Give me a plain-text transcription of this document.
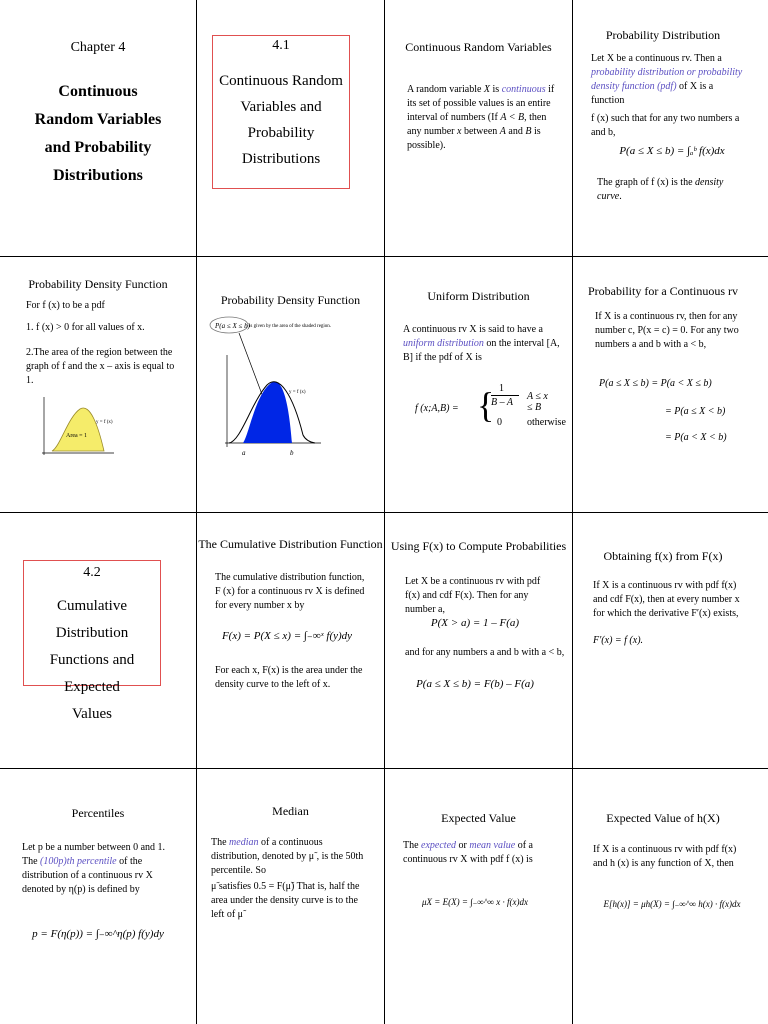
Chapter 4
Continuous
Random Variables
and Probability
Distributions
4.1
Continuous Random
Variables and
Probability Distributions
Continuous Random Variables
A random variable X is continuous if its set of possible values is an entire interval of numbers (If A < B, then any number x between A and B is possible).
Probability Distribution
Let X be a continuous rv. Then a probability distribution or probability density function (pdf) of X is a function
f (x) such that for any two numbers a and b,
P(a ≤ X ≤ b) = ∫ₐᵇ f(x)dx
The graph of f (x) is the density curve.
Probability Density Function
For f (x) to be a pdf
1. f (x) > 0 for all values of x.
2.The area of the region between the graph of f and the x – axis is equal to 1.
y = f (x)
Area = 1
Probability Density Function
P(a ≤ X ≤ b) is given by the area of the shaded region.
y = f (x)
a	b
Uniform Distribution
A continuous rv X is said to have a uniform distribution on the interval [A, B] if the pdf of X is
f (x;A,B) = { 1
B – A
A ≤ x ≤ B
0	otherwise
Probability for a Continuous rv
If X is a continuous rv, then for any number c, P(x = c) = 0. For any two numbers a and b with a < b,
P(a ≤ X ≤ b) = P(a < X ≤ b)
= P(a ≤ X < b)
= P(a < X < b)
4.2
Cumulative Distribution
Functions and Expected
Values
The Cumulative Distribution Function
The cumulative distribution function, F (x) for a continuous rv X is defined for every number x by
F(x) = P(X ≤ x) = ∫₋∞ˣ f(y)dy
For each x, F(x) is the area under the density curve to the left of x.
Using F(x) to Compute Probabilities
Let X be a continuous rv with pdf f(x) and cdf F(x). Then for any number a,
P(X > a) = 1 – F(a)
and for any numbers a and b with a < b,
P(a ≤ X ≤ b) = F(b) – F(a)
Obtaining f(x) from F(x)
If X is a continuous rv with pdf f(x) and cdf F(x), then at every number x for which the derivative F′(x) exists,
F′(x) = f (x).
Percentiles
Let p be a number between 0 and 1. The (100p)th percentile of the distribution of a continuous rv X denoted by η(p) is defined by
p = F(η(p)) = ∫₋∞^η(p) f(y)dy
Median
The median of a continuous distribution, denoted by μ̃ , is the 50th percentile. So
μ̃ satisfies 0.5 = F(μ̃) That is, half the area under the density curve is to the left of μ̃
Expected Value
The expected or mean value of a continuous rv X with pdf f (x) is
μX = E(X) = ∫₋∞^∞ x · f(x)dx
Expected Value of h(X)
If X is a continuous rv with pdf f(x) and h (x) is any function of X, then
E[h(x)] = μh(X) = ∫₋∞^∞ h(x) · f(x)dx
